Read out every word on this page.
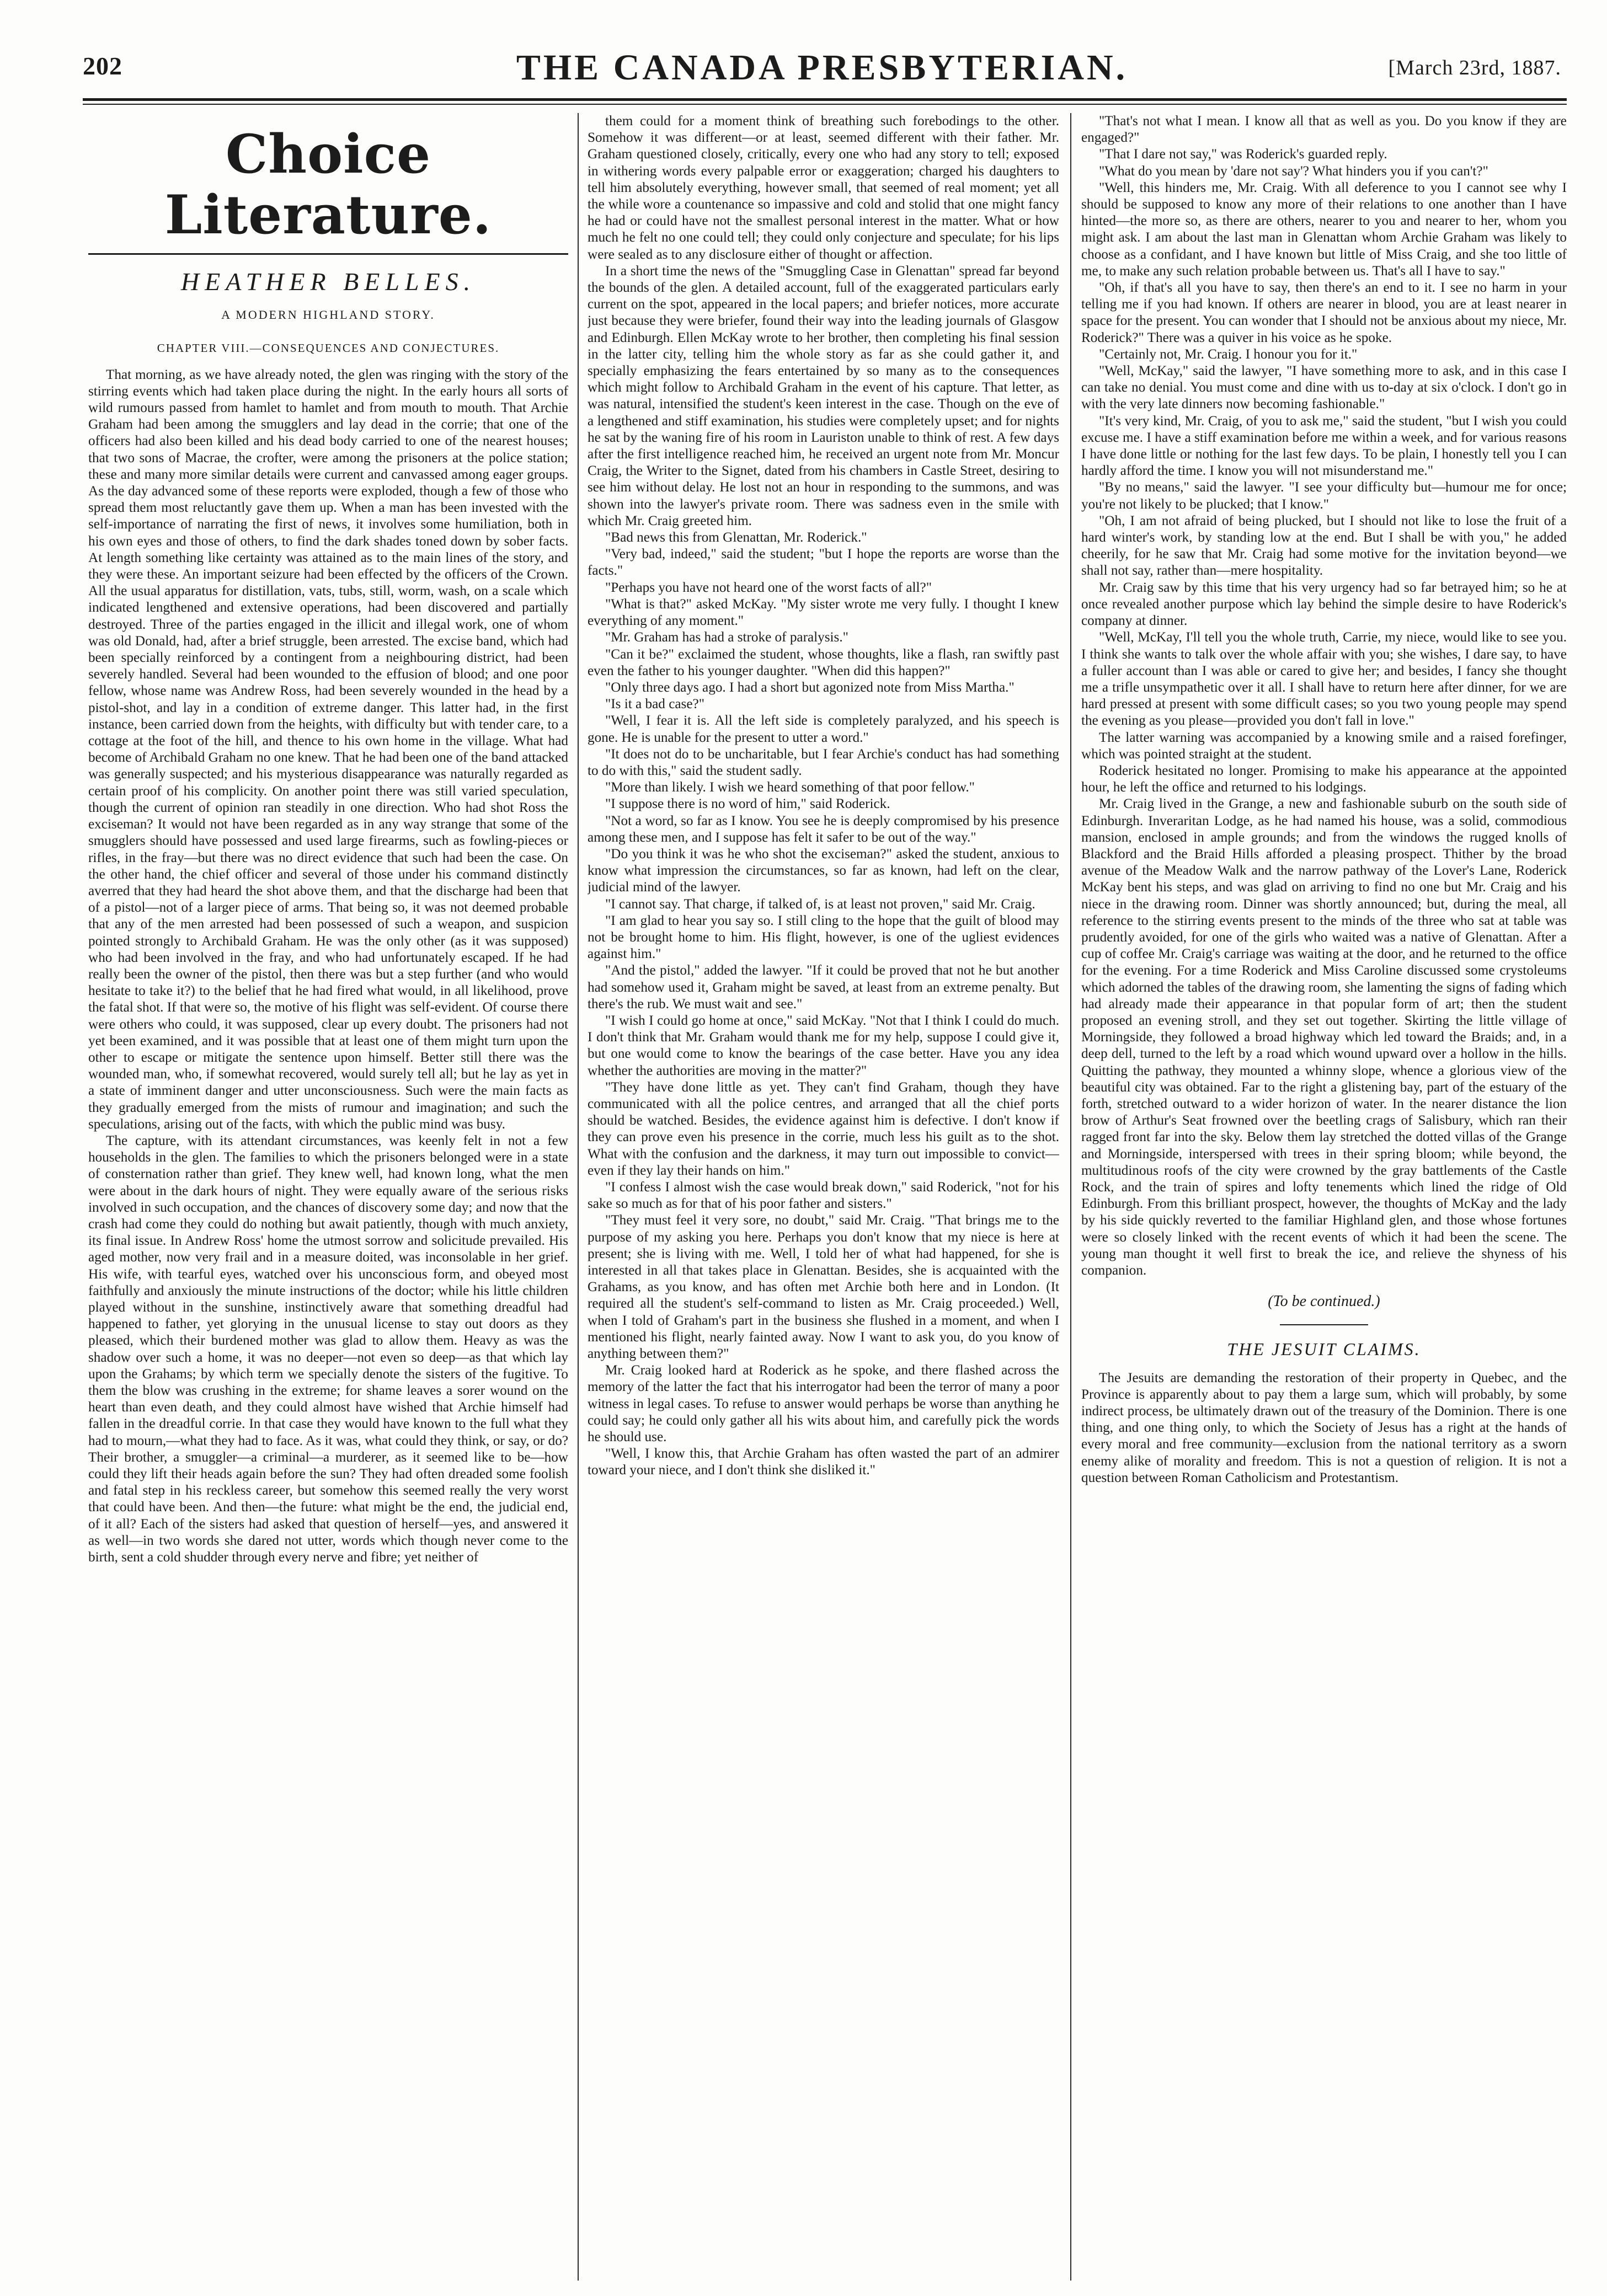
202	THE CANADA PRESBYTERIAN.	[March 23rd, 1887.
Choice Literature.
HEATHER BELLES.
A MODERN HIGHLAND STORY.
CHAPTER VIII.—CONSEQUENCES AND CONJECTURES.

That morning, as we have already noted, the glen was ringing with the story of the stirring events which had taken place during the night. In the early hours all sorts of wild rumours passed from hamlet to hamlet and from mouth to mouth. That Archie Graham had been among the smugglers and lay dead in the corrie; that one of the officers had also been killed and his dead body carried to one of the nearest houses; that two sons of Macrae, the crofter, were among the prisoners at the police station; these and many more similar details were current and canvassed among eager groups. As the day advanced some of these reports were exploded, though a few of those who spread them most reluctantly gave them up. When a man has been invested with the self-importance of narrating the first of news, it involves some humiliation, both in his own eyes and those of others, to find the dark shades toned down by sober facts. At length something like certainty was attained as to the main lines of the story, and they were these. An important seizure had been effected by the officers of the Crown. All the usual apparatus for distillation, vats, tubs, still, worm, wash, on a scale which indicated lengthened and extensive operations, had been discovered and partially destroyed. Three of the parties engaged in the illicit and illegal work, one of whom was old Donald, had, after a brief struggle, been arrested. The excise band, which had been specially reinforced by a contingent from a neighbouring district, had been severely handled. Several had been wounded to the effusion of blood; and one poor fellow, whose name was Andrew Ross, had been severely wounded in the head by a pistol-shot, and lay in a condition of extreme danger. This latter had, in the first instance, been carried down from the heights, with difficulty but with tender care, to a cottage at the foot of the hill, and thence to his own home in the village. What had become of Archibald Graham no one knew. That he had been one of the band attacked was generally suspected; and his mysterious disappearance was naturally regarded as certain proof of his complicity. On another point there was still varied speculation, though the current of opinion ran steadily in one direction. Who had shot Ross the exciseman? It would not have been regarded as in any way strange that some of the smugglers should have possessed and used large firearms, such as fowling-pieces or rifles, in the fray—but there was no direct evidence that such had been the case. On the other hand, the chief officer and several of those under his command distinctly averred that they had heard the shot above them, and that the discharge had been that of a pistol—not of a larger piece of arms. That being so, it was not deemed probable that any of the men arrested had been possessed of such a weapon, and suspicion pointed strongly to Archibald Graham. He was the only other (as it was supposed) who had been involved in the fray, and who had unfortunately escaped. If he had really been the owner of the pistol, then there was but a step further (and who would hesitate to take it?) to the belief that he had fired what would, in all likelihood, prove the fatal shot. If that were so, the motive of his flight was self-evident. Of course there were others who could, it was supposed, clear up every doubt. The prisoners had not yet been examined, and it was possible that at least one of them might turn upon the other to escape or mitigate the sentence upon himself. Better still there was the wounded man, who, if somewhat recovered, would surely tell all; but he lay as yet in a state of imminent danger and utter unconsciousness. Such were the main facts as they gradually emerged from the mists of rumour and imagination; and such the speculations, arising out of the facts, with which the public mind was busy.

The capture, with its attendant circumstances, was keenly felt in not a few households in the glen. The families to which the prisoners belonged were in a state of consternation rather than grief. They knew well, had known long, what the men were about in the dark hours of night. They were equally aware of the serious risks involved in such occupation, and the chances of discovery some day; and now that the crash had come they could do nothing but await patiently, though with much anxiety, its final issue. In Andrew Ross' home the utmost sorrow and solicitude prevailed. His aged mother, now very frail and in a measure doited, was inconsolable in her grief. His wife, with tearful eyes, watched over his unconscious form, and obeyed most faithfully and anxiously the minute instructions of the doctor; while his little children played without in the sunshine, instinctively aware that something dreadful had happened to father, yet glorying in the unusual license to stay out doors as they pleased, which their burdened mother was glad to allow them. Heavy as was the shadow over such a home, it was no deeper—not even so deep—as that which lay upon the Grahams; by which term we specially denote the sisters of the fugitive. To them the blow was crushing in the extreme; for shame leaves a sorer wound on the heart than even death, and they could almost have wished that Archie himself had fallen in the dreadful corrie. In that case they would have known to the full what they had to mourn,—what they had to face. As it was, what could they think, or say, or do? Their brother, a smuggler—a criminal—a murderer, as it seemed like to be—how could they lift their heads again before the sun? They had often dreaded some foolish and fatal step in his reckless career, but somehow this seemed really the very worst that could have been. And then—the future: what might be the end, the judicial end, of it all? Each of the sisters had asked that question of herself—yes, and answered it as well—in two words she dared not utter, words which though never come to the birth, sent a cold shudder through every nerve and fibre; yet neither of

them could for a moment think of breathing such forebodings to the other. Somehow it was different—or at least, seemed different with their father. Mr. Graham questioned closely, critically, every one who had any story to tell; exposed in withering words every palpable error or exaggeration; charged his daughters to tell him absolutely everything, however small, that seemed of real moment; yet all the while wore a countenance so impassive and cold and stolid that one might fancy he had or could have not the smallest personal interest in the matter. What or how much he felt no one could tell; they could only conjecture and speculate; for his lips were sealed as to any disclosure either of thought or affection.

In a short time the news of the "Smuggling Case in Glenattan" spread far beyond the bounds of the glen. A detailed account, full of the exaggerated particulars early current on the spot, appeared in the local papers; and briefer notices, more accurate just because they were briefer, found their way into the leading journals of Glasgow and Edinburgh. Ellen McKay wrote to her brother, then completing his final session in the latter city, telling him the whole story as far as she could gather it, and specially emphasizing the fears entertained by so many as to the consequences which might follow to Archibald Graham in the event of his capture. That letter, as was natural, intensified the student's keen interest in the case. Though on the eve of a lengthened and stiff examination, his studies were completely upset; and for nights he sat by the waning fire of his room in Lauriston unable to think of rest. A few days after the first intelligence reached him, he received an urgent note from Mr. Moncur Craig, the Writer to the Signet, dated from his chambers in Castle Street, desiring to see him without delay. He lost not an hour in responding to the summons, and was shown into the lawyer's private room. There was sadness even in the smile with which Mr. Craig greeted him.

"Bad news this from Glenattan, Mr. Roderick."

"Very bad, indeed," said the student; "but I hope the reports are worse than the facts."

"Perhaps you have not heard one of the worst facts of all?"

"What is that?" asked McKay. "My sister wrote me very fully. I thought I knew everything of any moment."

"Mr. Graham has had a stroke of paralysis."

"Can it be?" exclaimed the student, whose thoughts, like a flash, ran swiftly past even the father to his younger daughter. "When did this happen?"

"Only three days ago. I had a short but agonized note from Miss Martha."

"Is it a bad case?"

"Well, I fear it is. All the left side is completely paralyzed, and his speech is gone. He is unable for the present to utter a word."

"It does not do to be uncharitable, but I fear Archie's conduct has had something to do with this," said the student sadly.

"More than likely. I wish we heard something of that poor fellow."

"I suppose there is no word of him," said Roderick.

"Not a word, so far as I know. You see he is deeply compromised by his presence among these men, and I suppose has felt it safer to be out of the way."

"Do you think it was he who shot the exciseman?" asked the student, anxious to know what impression the circumstances, so far as known, had left on the clear, judicial mind of the lawyer.

"I cannot say. That charge, if talked of, is at least not proven," said Mr. Craig.

"I am glad to hear you say so. I still cling to the hope that the guilt of blood may not be brought home to him. His flight, however, is one of the ugliest evidences against him."

"And the pistol," added the lawyer. "If it could be proved that not he but another had somehow used it, Graham might be saved, at least from an extreme penalty. But there's the rub. We must wait and see."

"I wish I could go home at once," said McKay. "Not that I think I could do much. I don't think that Mr. Graham would thank me for my help, suppose I could give it, but one would come to know the bearings of the case better. Have you any idea whether the authorities are moving in the matter?"

"They have done little as yet. They can't find Graham, though they have communicated with all the police centres, and arranged that all the chief ports should be watched. Besides, the evidence against him is defective. I don't know if they can prove even his presence in the corrie, much less his guilt as to the shot. What with the confusion and the darkness, it may turn out impossible to convict—even if they lay their hands on him."

"I confess I almost wish the case would break down," said Roderick, "not for his sake so much as for that of his poor father and sisters."

"They must feel it very sore, no doubt," said Mr. Craig. "That brings me to the purpose of my asking you here. Perhaps you don't know that my niece is here at present; she is living with me. Well, I told her of what had happened, for she is interested in all that takes place in Glenattan. Besides, she is acquainted with the Grahams, as you know, and has often met Archie both here and in London. (It required all the student's self-command to listen as Mr. Craig proceeded.) Well, when I told of Graham's part in the business she flushed in a moment, and when I mentioned his flight, nearly fainted away. Now I want to ask you, do you know of anything between them?"

Mr. Craig looked hard at Roderick as he spoke, and there flashed across the memory of the latter the fact that his interrogator had been the terror of many a poor witness in legal cases. To refuse to answer would perhaps be worse than anything he could say; he could only gather all his wits about him, and carefully pick the words he should use.

"Well, I know this, that Archie Graham has often wasted the part of an admirer toward your niece, and I don't think she disliked it."

"That's not what I mean. I know all that as well as you. Do you know if they are engaged?"

"That I dare not say," was Roderick's guarded reply.

"What do you mean by 'dare not say'? What hinders you if you can't?"

"Well, this hinders me, Mr. Craig. With all deference to you I cannot see why I should be supposed to know any more of their relations to one another than I have hinted—the more so, as there are others, nearer to you and nearer to her, whom you might ask. I am about the last man in Glenattan whom Archie Graham was likely to choose as a confidant, and I have known but little of Miss Craig, and she too little of me, to make any such relation probable between us. That's all I have to say."

"Oh, if that's all you have to say, then there's an end to it. I see no harm in your telling me if you had known. If others are nearer in blood, you are at least nearer in space for the present. You can wonder that I should not be anxious about my niece, Mr. Roderick?" There was a quiver in his voice as he spoke.

"Certainly not, Mr. Craig. I honour you for it."

"Well, McKay," said the lawyer, "I have something more to ask, and in this case I can take no denial. You must come and dine with us to-day at six o'clock. I don't go in with the very late dinners now becoming fashionable."

"It's very kind, Mr. Craig, of you to ask me," said the student, "but I wish you could excuse me. I have a stiff examination before me within a week, and for various reasons I have done little or nothing for the last few days. To be plain, I honestly tell you I can hardly afford the time. I know you will not misunderstand me."

"By no means," said the lawyer. "I see your difficulty but—humour me for once; you're not likely to be plucked; that I know."

"Oh, I am not afraid of being plucked, but I should not like to lose the fruit of a hard winter's work, by standing low at the end. But I shall be with you," he added cheerily, for he saw that Mr. Craig had some motive for the invitation beyond—we shall not say, rather than—mere hospitality.

Mr. Craig saw by this time that his very urgency had so far betrayed him; so he at once revealed another purpose which lay behind the simple desire to have Roderick's company at dinner.

"Well, McKay, I'll tell you the whole truth, Carrie, my niece, would like to see you. I think she wants to talk over the whole affair with you; she wishes, I dare say, to have a fuller account than I was able or cared to give her; and besides, I fancy she thought me a trifle unsympathetic over it all. I shall have to return here after dinner, for we are hard pressed at present with some difficult cases; so you two young people may spend the evening as you please—provided you don't fall in love."

The latter warning was accompanied by a knowing smile and a raised forefinger, which was pointed straight at the student.

Roderick hesitated no longer. Promising to make his appearance at the appointed hour, he left the office and returned to his lodgings.

Mr. Craig lived in the Grange, a new and fashionable suburb on the south side of Edinburgh. Inveraritan Lodge, as he had named his house, was a solid, commodious mansion, enclosed in ample grounds; and from the windows the rugged knolls of Blackford and the Braid Hills afforded a pleasing prospect. Thither by the broad avenue of the Meadow Walk and the narrow pathway of the Lover's Lane, Roderick McKay bent his steps, and was glad on arriving to find no one but Mr. Craig and his niece in the drawing room. Dinner was shortly announced; but, during the meal, all reference to the stirring events present to the minds of the three who sat at table was prudently avoided, for one of the girls who waited was a native of Glenattan. After a cup of coffee Mr. Craig's carriage was waiting at the door, and he returned to the office for the evening. For a time Roderick and Miss Caroline discussed some crystoleums which adorned the tables of the drawing room, she lamenting the signs of fading which had already made their appearance in that popular form of art; then the student proposed an evening stroll, and they set out together. Skirting the little village of Morningside, they followed a broad highway which led toward the Braids; and, in a deep dell, turned to the left by a road which wound upward over a hollow in the hills. Quitting the pathway, they mounted a whinny slope, whence a glorious view of the beautiful city was obtained. Far to the right a glistening bay, part of the estuary of the forth, stretched outward to a wider horizon of water. In the nearer distance the lion brow of Arthur's Seat frowned over the beetling crags of Salisbury, which ran their ragged front far into the sky. Below them lay stretched the dotted villas of the Grange and Morningside, interspersed with trees in their spring bloom; while beyond, the multitudinous roofs of the city were crowned by the gray battlements of the Castle Rock, and the train of spires and lofty tenements which lined the ridge of Old Edinburgh. From this brilliant prospect, however, the thoughts of McKay and the lady by his side quickly reverted to the familiar Highland glen, and those whose fortunes were so closely linked with the recent events of which it had been the scene. The young man thought it well first to break the ice, and relieve the shyness of his companion.

(To be continued.)
THE JESUIT CLAIMS.

The Jesuits are demanding the restoration of their property in Quebec, and the Province is apparently about to pay them a large sum, which will probably, by some indirect process, be ultimately drawn out of the treasury of the Dominion. There is one thing, and one thing only, to which the Society of Jesus has a right at the hands of every moral and free community—exclusion from the national territory as a sworn enemy alike of morality and freedom. This is not a question of religion. It is not a question between Roman Catholicism and Protestantism.
